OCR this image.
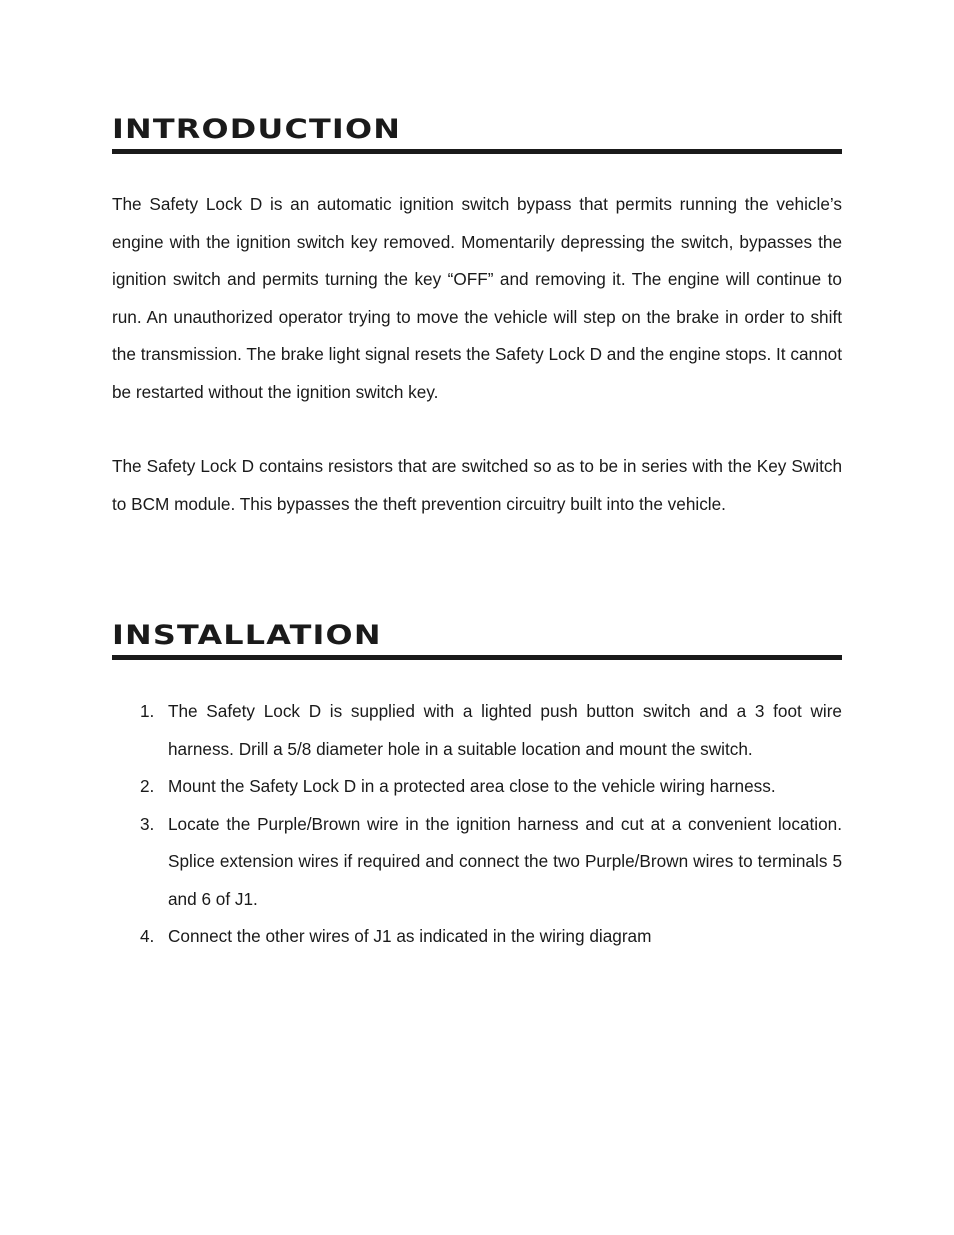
INTRODUCTION

The Safety Lock D is an automatic ignition switch bypass that permits running the vehicle’s engine with the ignition switch key removed. Momentarily depressing the switch, bypasses the ignition switch and permits turning the key “OFF” and removing it. The engine will continue to run. An unauthorized operator trying to move the vehicle will step on the brake in order to shift the transmission. The brake light signal resets the Safety Lock D and the engine stops. It cannot be restarted without the ignition switch key.

The Safety Lock D contains resistors that are switched so as to be in series with the Key Switch to BCM module. This bypasses the theft prevention circuitry built into the vehicle.

INSTALLATION
1. The Safety Lock D is supplied with a lighted push button switch and a 3 foot wire harness. Drill a 5/8 diameter hole in a suitable location and mount the switch.
2. Mount the Safety Lock D in a protected area close to the vehicle wiring harness.
3. Locate the Purple/Brown wire in the ignition harness and cut at a convenient location. Splice extension wires if required and connect the two Purple/Brown wires to terminals 5 and 6 of J1.
4. Connect the other wires of J1 as indicated in the wiring diagram
